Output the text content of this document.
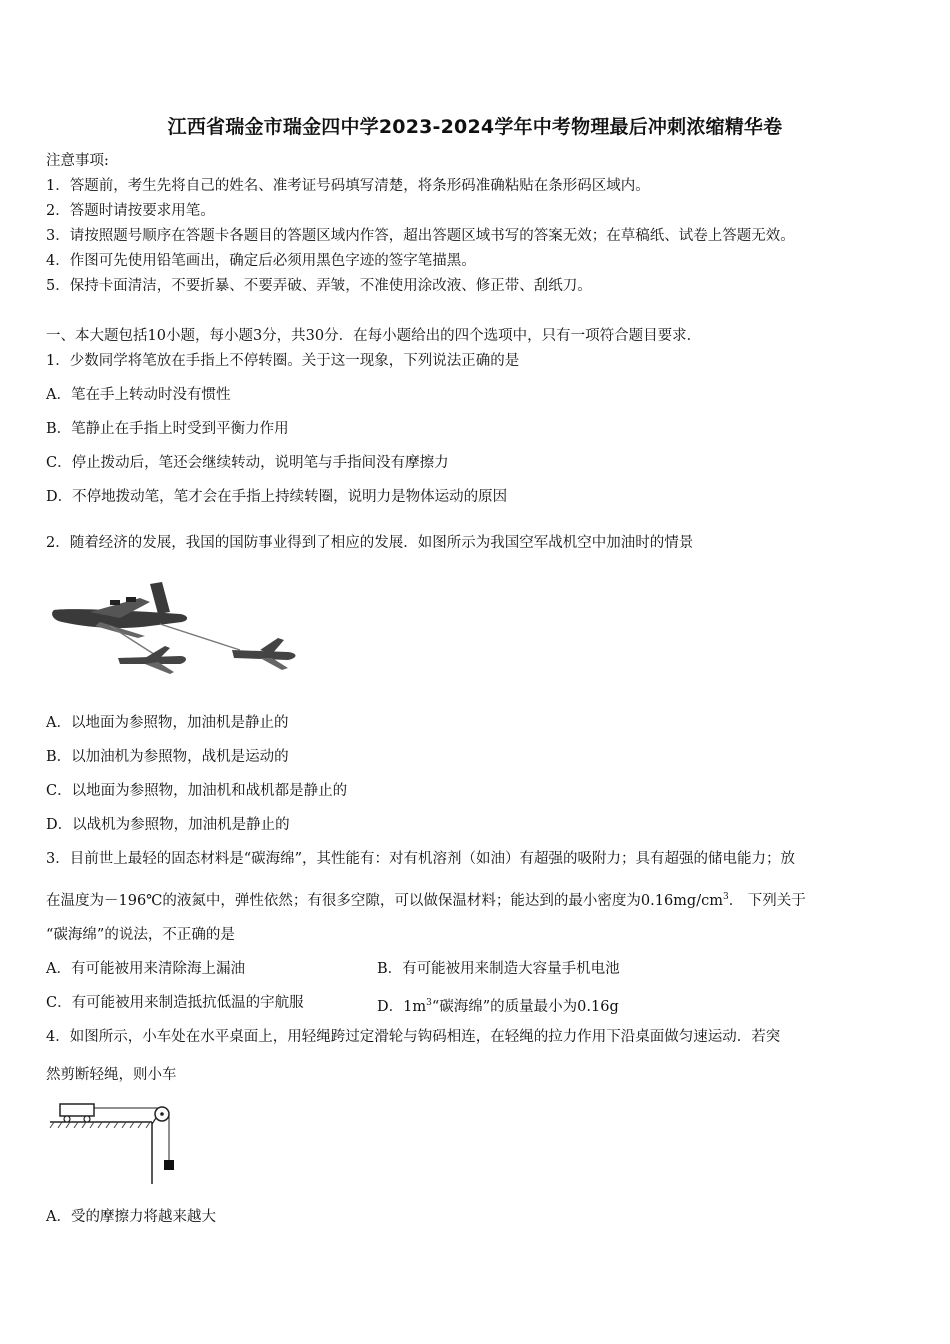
江西省瑞金市瑞金四中学2023-2024学年中考物理最后冲刺浓缩精华卷
注意事项:
1．答题前，考生先将自己的姓名、准考证号码填写清楚，将条形码准确粘贴在条形码区域内。
2．答题时请按要求用笔。
3．请按照题号顺序在答题卡各题目的答题区域内作答，超出答题区域书写的答案无效；在草稿纸、试卷上答题无效。
4．作图可先使用铅笔画出，确定后必须用黑色字迹的签字笔描黑。
5．保持卡面清洁，不要折暴、不要弄破、弄皱，不准使用涂改液、修正带、刮纸刀。
一、本大题包括10小题，每小题3分，共30分．在每小题给出的四个选项中，只有一项符合题目要求．
1．少数同学将笔放在手指上不停转圈。关于这一现象，下列说法正确的是
A．笔在手上转动时没有惯性
B．笔静止在手指上时受到平衡力作用
C．停止拨动后，笔还会继续转动，说明笔与手指间没有摩擦力
D．不停地拨动笔，笔才会在手指上持续转圈，说明力是物体运动的原因
2．随着经济的发展，我国的国防事业得到了相应的发展．如图所示为我国空军战机空中加油时的情景
A．以地面为参照物，加油机是静止的
B．以加油机为参照物，战机是运动的
C．以地面为参照物，加油机和战机都是静止的
D．以战机为参照物，加油机是静止的
3．目前世上最轻的固态材料是“碳海绵”，其性能有：对有机溶剂（如油）有超强的吸附力；具有超强的储电能力；放
在温度为－196℃的液氮中，弹性依然；有很多空隙，可以做保温材料；能达到的最小密度为$0.16mg/cm^3$． 下列关于
“碳海绵”的说法，不正确的是
A．有可能被用来清除海上漏油	B．有可能被用来制造大容量手机电池
C．有可能被用来制造抵抗低温的宇航服	D．$1m^3“$碳海绵”的质量最小为0.16g
4．如图所示，小车处在水平桌面上，用轻绳跨过定滑轮与钩码相连，在轻绳的拉力作用下沿桌面做匀速运动．若突
然剪断轻绳，则小车
A．受的摩擦力将越来越大
